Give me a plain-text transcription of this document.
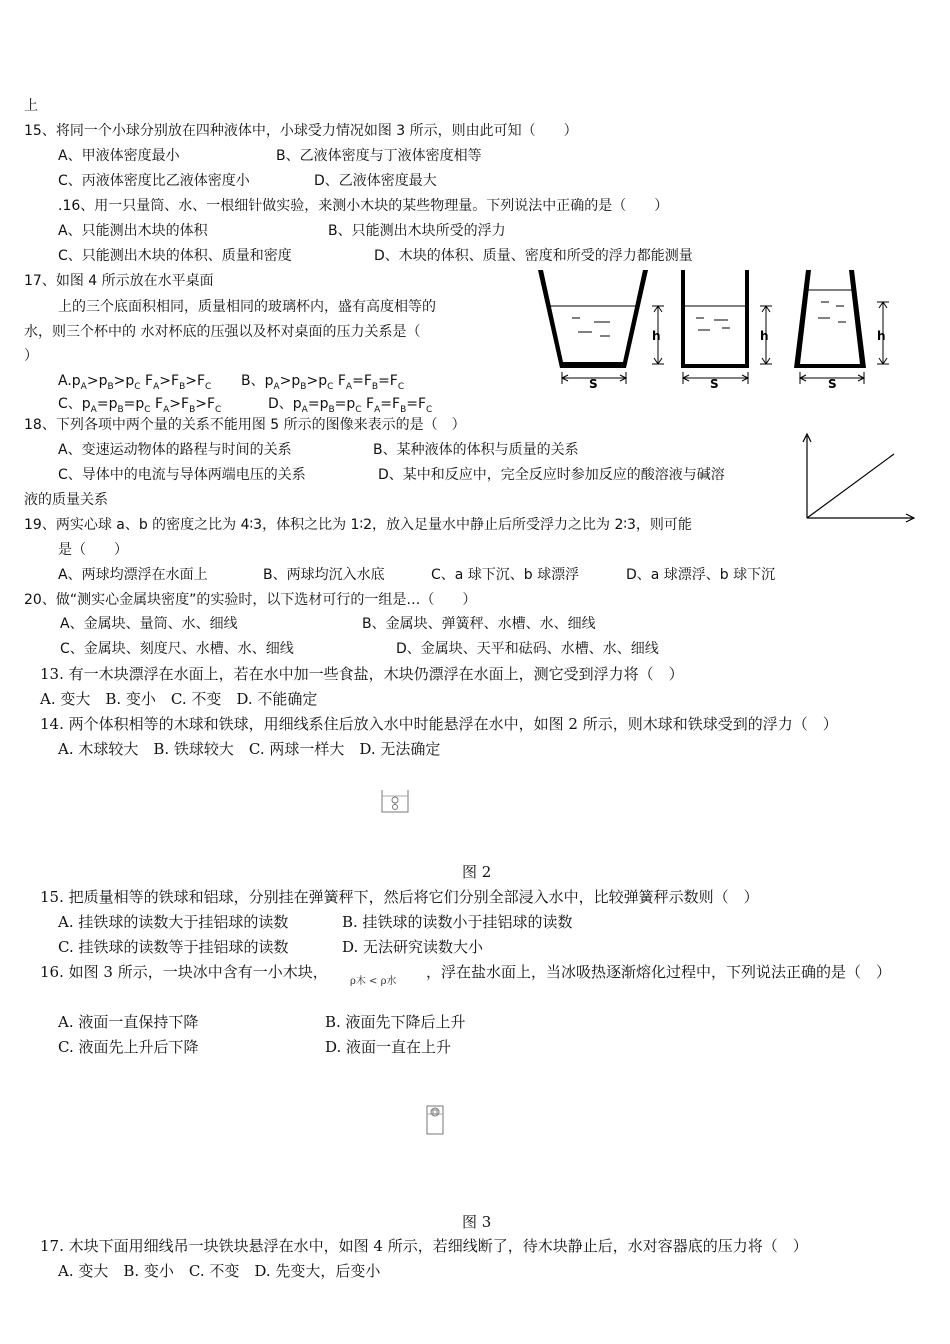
上
15、将同一个小球分别放在四种液体中，小球受力情况如图 3 所示，则由此可知（　　）
A、甲液体密度最小	B、乙液体密度与丁液体密度相等
C、丙液体密度比乙液体密度小	D、乙液体密度最大
.16、用一只量筒、水、一根细针做实验，来测小木块的某些物理量。下列说法中正确的是（　　）
A、只能测出木块的体积	B、只能测出木块所受的浮力
C、只能测出木块的体积、质量和密度	D、木块的体积、质量、密度和所受的浮力都能测量
17、如图 4 所示放在水平桌面
上的三个底面积相同，质量相同的玻璃杯内，盛有高度相等的
水，则三个杯中的 水对杯底的压强以及杯对桌面的压力关系是（
）
$A.p_A>p_B>p_C$ $F_A>F_B>F_C$ B、$p_A>p_B>p_C$ $F_A=F_B=F_C$
C、$p_A=p_B=p_C$ $F_A>F_B>F_C$	D、$p_A=p_B=p_C$ $F_A=F_B=F_C$
h	h	h
S	S	S
18、下列各项中两个量的关系不能用图 5 所示的图像来表示的是（　）
A、变速运动物体的路程与时间的关系	B、某种液体的体积与质量的关系
C、导体中的电流与导体两端电压的关系	D、某中和反应中，完全反应时参加反应的酸溶液与碱溶
液的质量关系
19、两实心球 a、b 的密度之比为 4∶3，体积之比为 1∶2，放入足量水中静止后所受浮力之比为 2∶3，则可能
是（　　）
A、两球均漂浮在水面上	B、两球均沉入水底	C、a 球下沉、b 球漂浮	D、a 球漂浮、b 球下沉
20、做“测实心金属块密度”的实验时，以下选材可行的一组是…（　　）
A、金属块、量筒、水、细线	B、金属块、弹簧秤、水槽、水、细线
C、金属块、刻度尺、水槽、水、细线	D、金属块、天平和砝码、水槽、水、细线
13. 有一木块漂浮在水面上，若在水中加一些食盐，木块仍漂浮在水面上，测它受到浮力将（　）
A. 变大　B. 变小　C. 不变　D. 不能确定
14. 两个体积相等的木球和铁球，用细线系住后放入水中时能悬浮在水中，如图 2 所示，则木球和铁球受到的浮力（　）
A. 木球较大　B. 铁球较大　C. 两球一样大　D. 无法确定
图 2
15. 把质量相等的铁球和铝球，分别挂在弹簧秤下，然后将它们分别全部浸入水中，比较弹簧秤示数则（　）
A. 挂铁球的读数大于挂铝球的读数	B. 挂铁球的读数小于挂铝球的读数
C. 挂铁球的读数等于挂铝球的读数	D. 无法研究读数大小
16. 如图 3 所示，一块冰中含有一小木块，
ρ木 < ρ水
，浮在盐水面上，当冰吸热逐渐熔化过程中，下列说法正确的是（　）
A. 液面一直保持下降	B. 液面先下降后上升
C. 液面先上升后下降	D. 液面一直在上升
图 3
17. 木块下面用细线吊一块铁块悬浮在水中，如图 4 所示，若细线断了，待木块静止后，水对容器底的压力将（　）
A. 变大　B. 变小　C. 不变　D. 先变大，后变小
